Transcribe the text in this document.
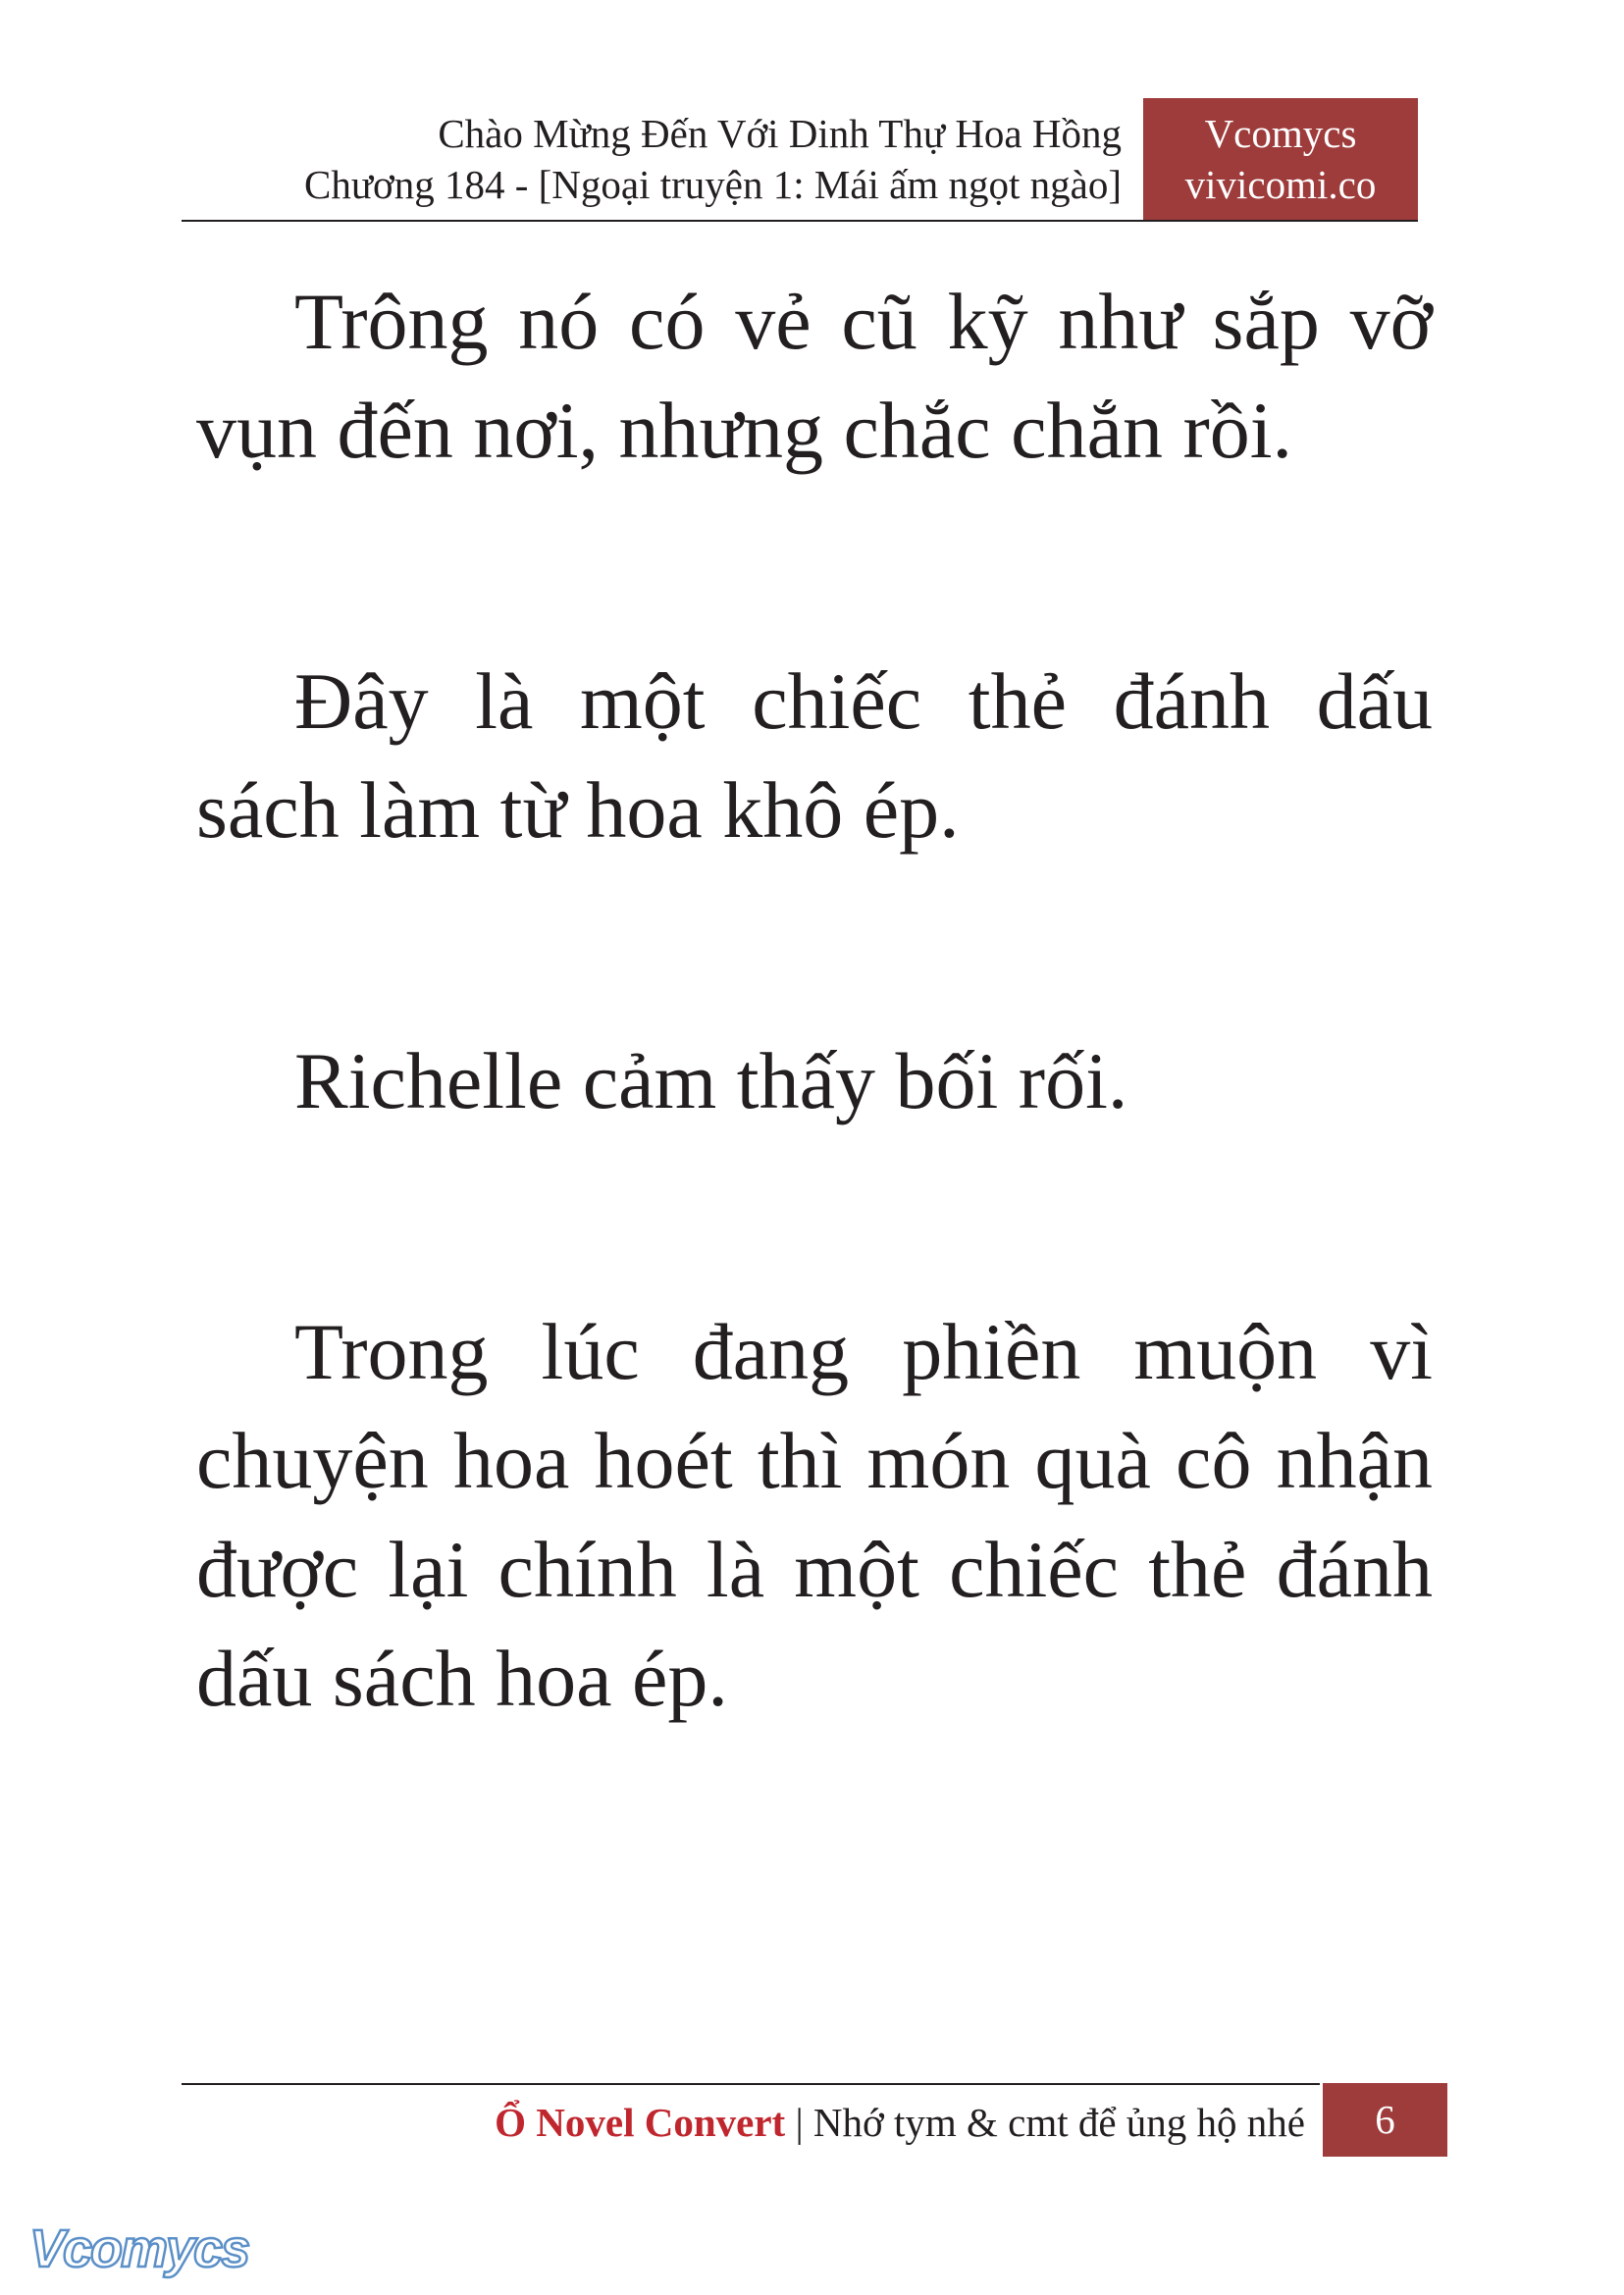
Chào Mừng Đến Với Dinh Thự Hoa Hồng
Chương 184 - [Ngoại truyện 1: Mái ấm ngọt ngào]
Vcomycs
vivicomi.co

Trông nó có vẻ cũ kỹ như sắp vỡ vụn đến nơi, nhưng chắc chắn rồi.

Đây là một chiếc thẻ đánh dấu sách làm từ hoa khô ép.

Richelle cảm thấy bối rối.

Trong lúc đang phiền muộn vì chuyện hoa hoét thì món quà cô nhận được lại chính là một chiếc thẻ đánh dấu sách hoa ép.

Ổ Novel Convert | Nhớ tym & cmt để ủng hộ nhé	6
Vcomycs
